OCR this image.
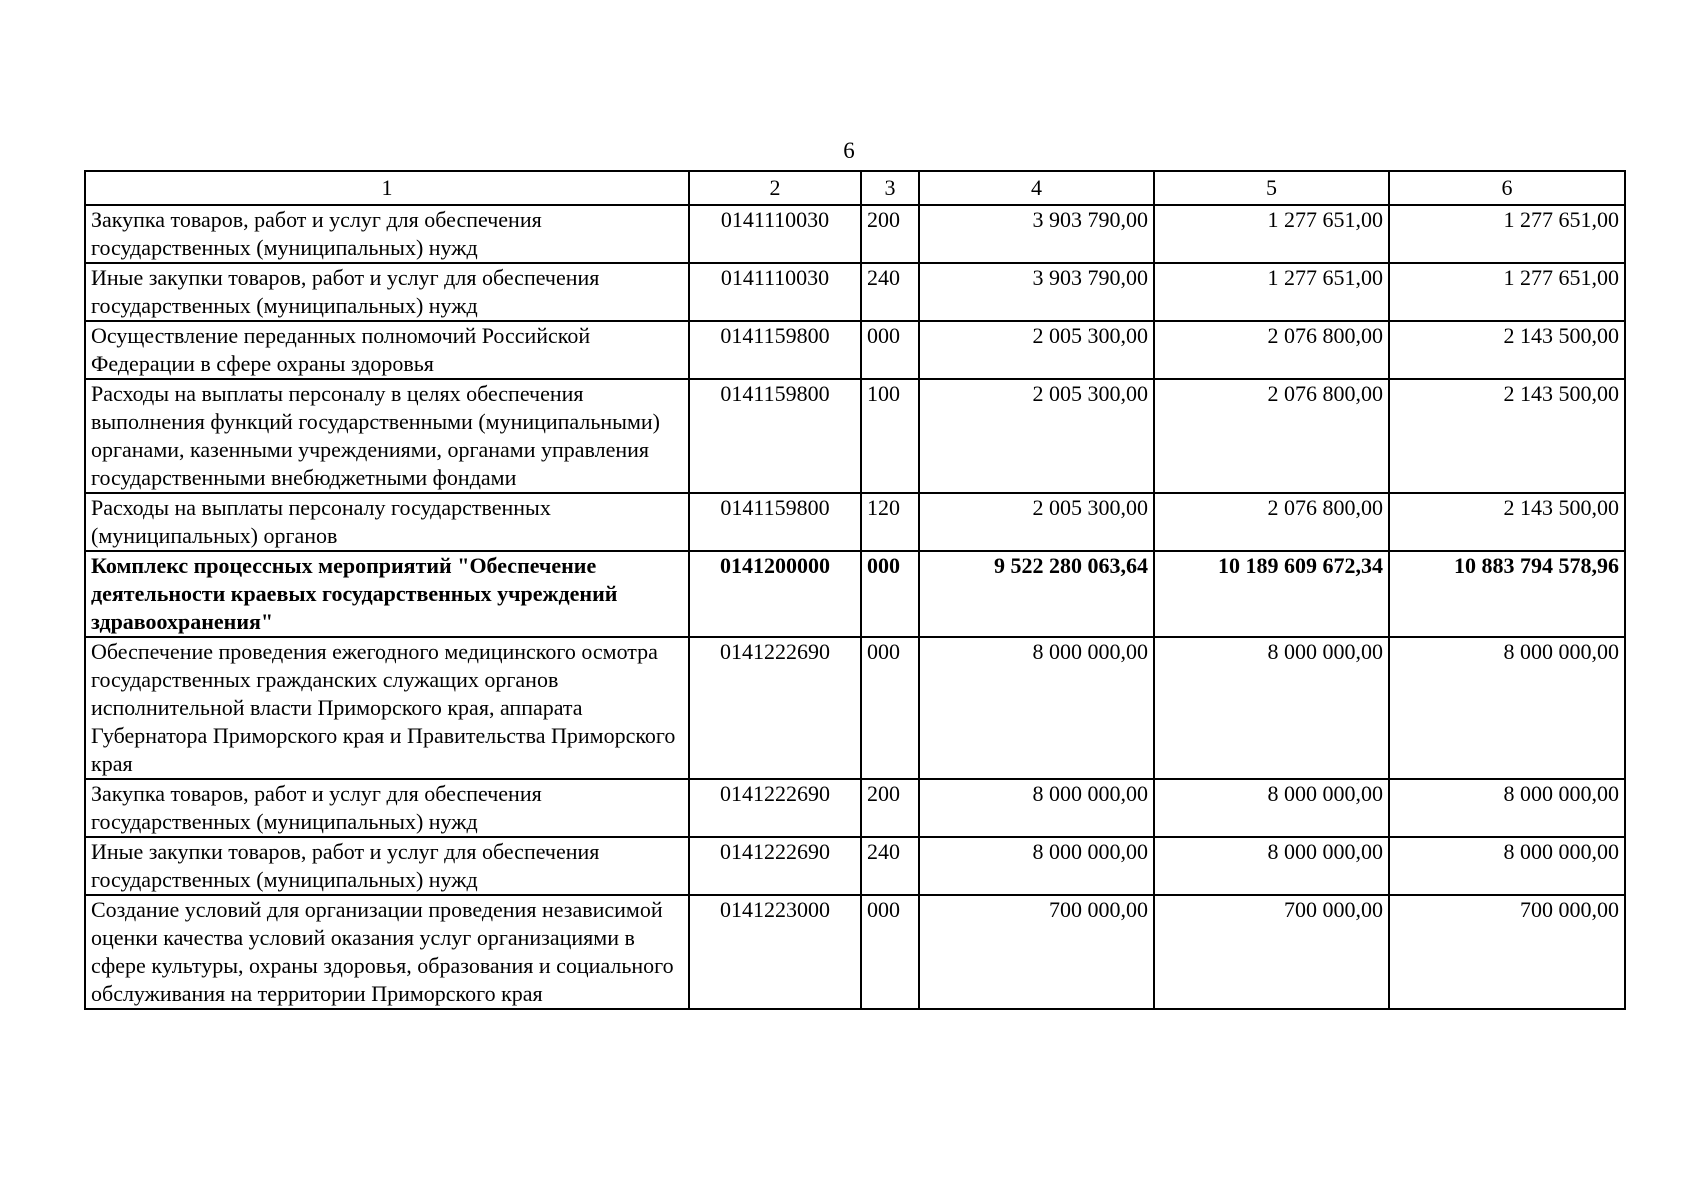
6
1	2	3	4	5	6
Закупка товаров, работ и услуг для обеспечения государственных (муниципальных) нужд	0141110030	200	3 903 790,00	1 277 651,00	1 277 651,00
Иные закупки товаров, работ и услуг для обеспечения государственных (муниципальных) нужд	0141110030	240	3 903 790,00	1 277 651,00	1 277 651,00
Осуществление переданных полномочий Российской Федерации в сфере охраны здоровья	0141159800	000	2 005 300,00	2 076 800,00	2 143 500,00
Расходы на выплаты персоналу в целях обеспечения выполнения функций государственными (муниципальными) органами, казенными учреждениями, органами управления государственными внебюджетными фондами	0141159800	100	2 005 300,00	2 076 800,00	2 143 500,00
Расходы на выплаты персоналу государственных (муниципальных) органов	0141159800	120	2 005 300,00	2 076 800,00	2 143 500,00
Комплекс процессных мероприятий "Обеспечение деятельности краевых государственных учреждений здравоохранения"	0141200000	000	9 522 280 063,64	10 189 609 672,34	10 883 794 578,96
Обеспечение проведения ежегодного медицинского осмотра государственных гражданских служащих органов исполнительной власти Приморского края, аппарата Губернатора Приморского края и Правительства Приморского края	0141222690	000	8 000 000,00	8 000 000,00	8 000 000,00
Закупка товаров, работ и услуг для обеспечения государственных (муниципальных) нужд	0141222690	200	8 000 000,00	8 000 000,00	8 000 000,00
Иные закупки товаров, работ и услуг для обеспечения государственных (муниципальных) нужд	0141222690	240	8 000 000,00	8 000 000,00	8 000 000,00
Создание условий для организации проведения независимой оценки качества условий оказания услуг организациями в сфере культуры, охраны здоровья, образования и социального обслуживания на территории Приморского края	0141223000	000	700 000,00	700 000,00	700 000,00
